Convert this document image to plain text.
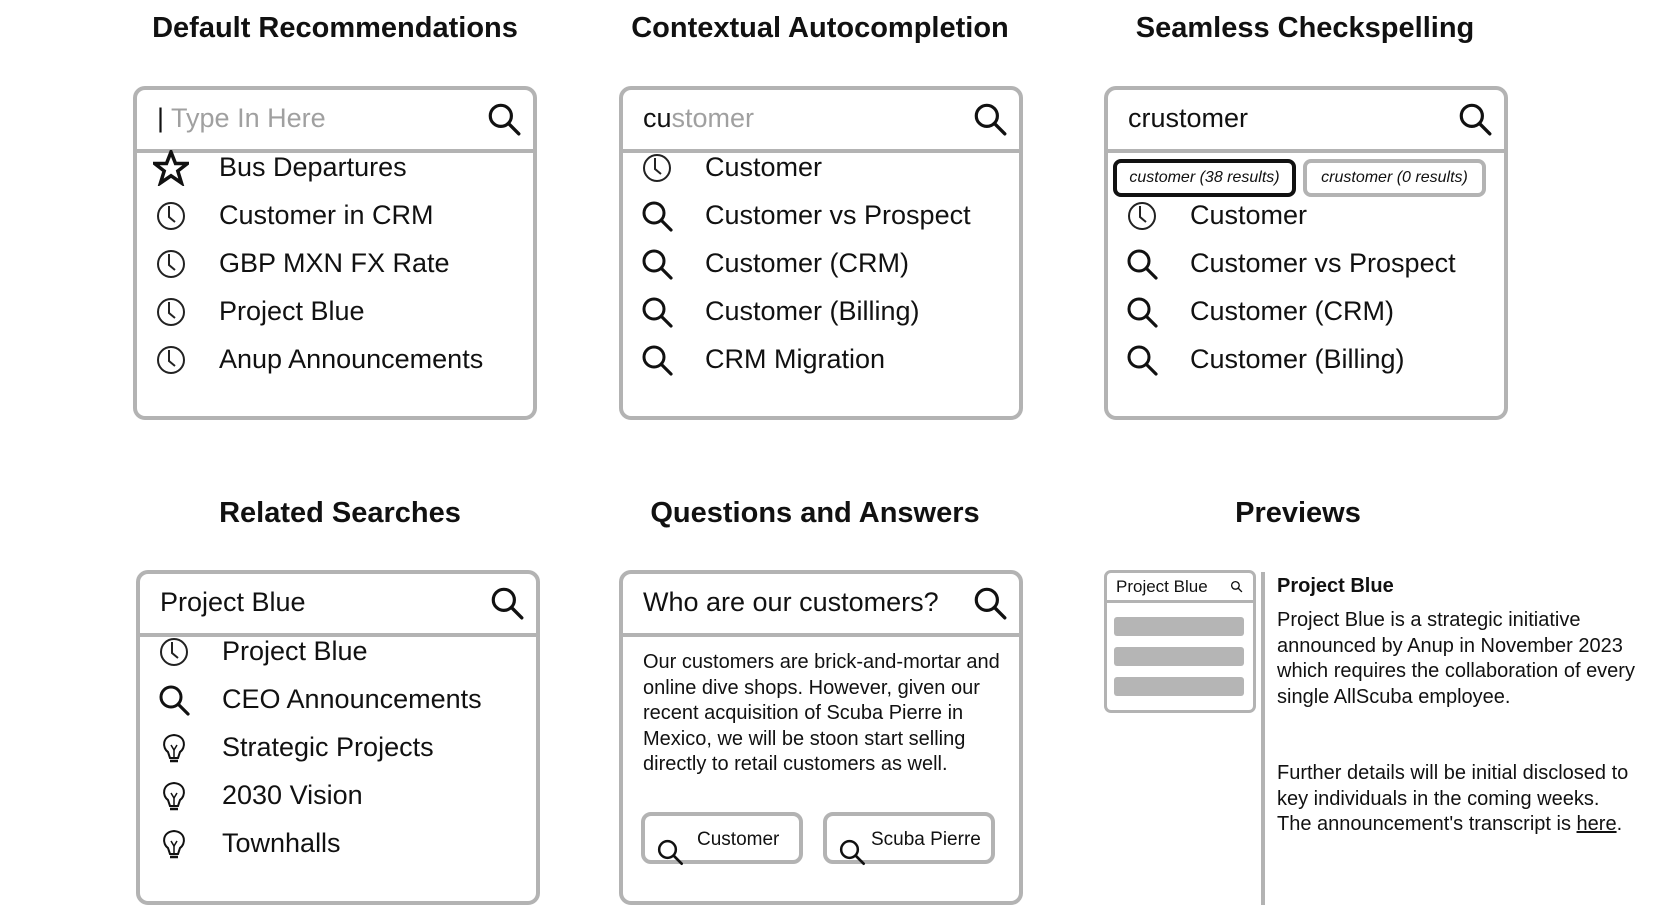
Default Recommendations	Contextual Autocompletion	Seamless Checkspelling
Related Searches	Questions and Answers	Previews
| Type In Here
Bus Departures
Customer in CRM
GBP MXN FX Rate
Project Blue
Anup Announcements
customer
Customer
Customer vs Prospect
Customer (CRM)
Customer (Billing)
CRM Migration
crustomer
customer (38 results)	crustomer (0 results)
Customer
Customer vs Prospect
Customer (CRM)
Customer (Billing)
Project Blue
Project Blue
CEO Announcements
Strategic Projects
2030 Vision
Townhalls
Who are our customers?
Our customers are brick-and-mortar and online dive shops. However, given our recent acquisition of Scuba Pierre in Mexico, we will be stoon start selling directly to retail customers as well.
Customer	Scuba Pierre
Project Blue	Project Blue
Project Blue is a strategic initiative announced by Anup in November 2023 which requires the collaboration of every single AllScuba employee.
Further details will be initial disclosed to key individuals in the coming weeks. The announcement's transcript is here.
